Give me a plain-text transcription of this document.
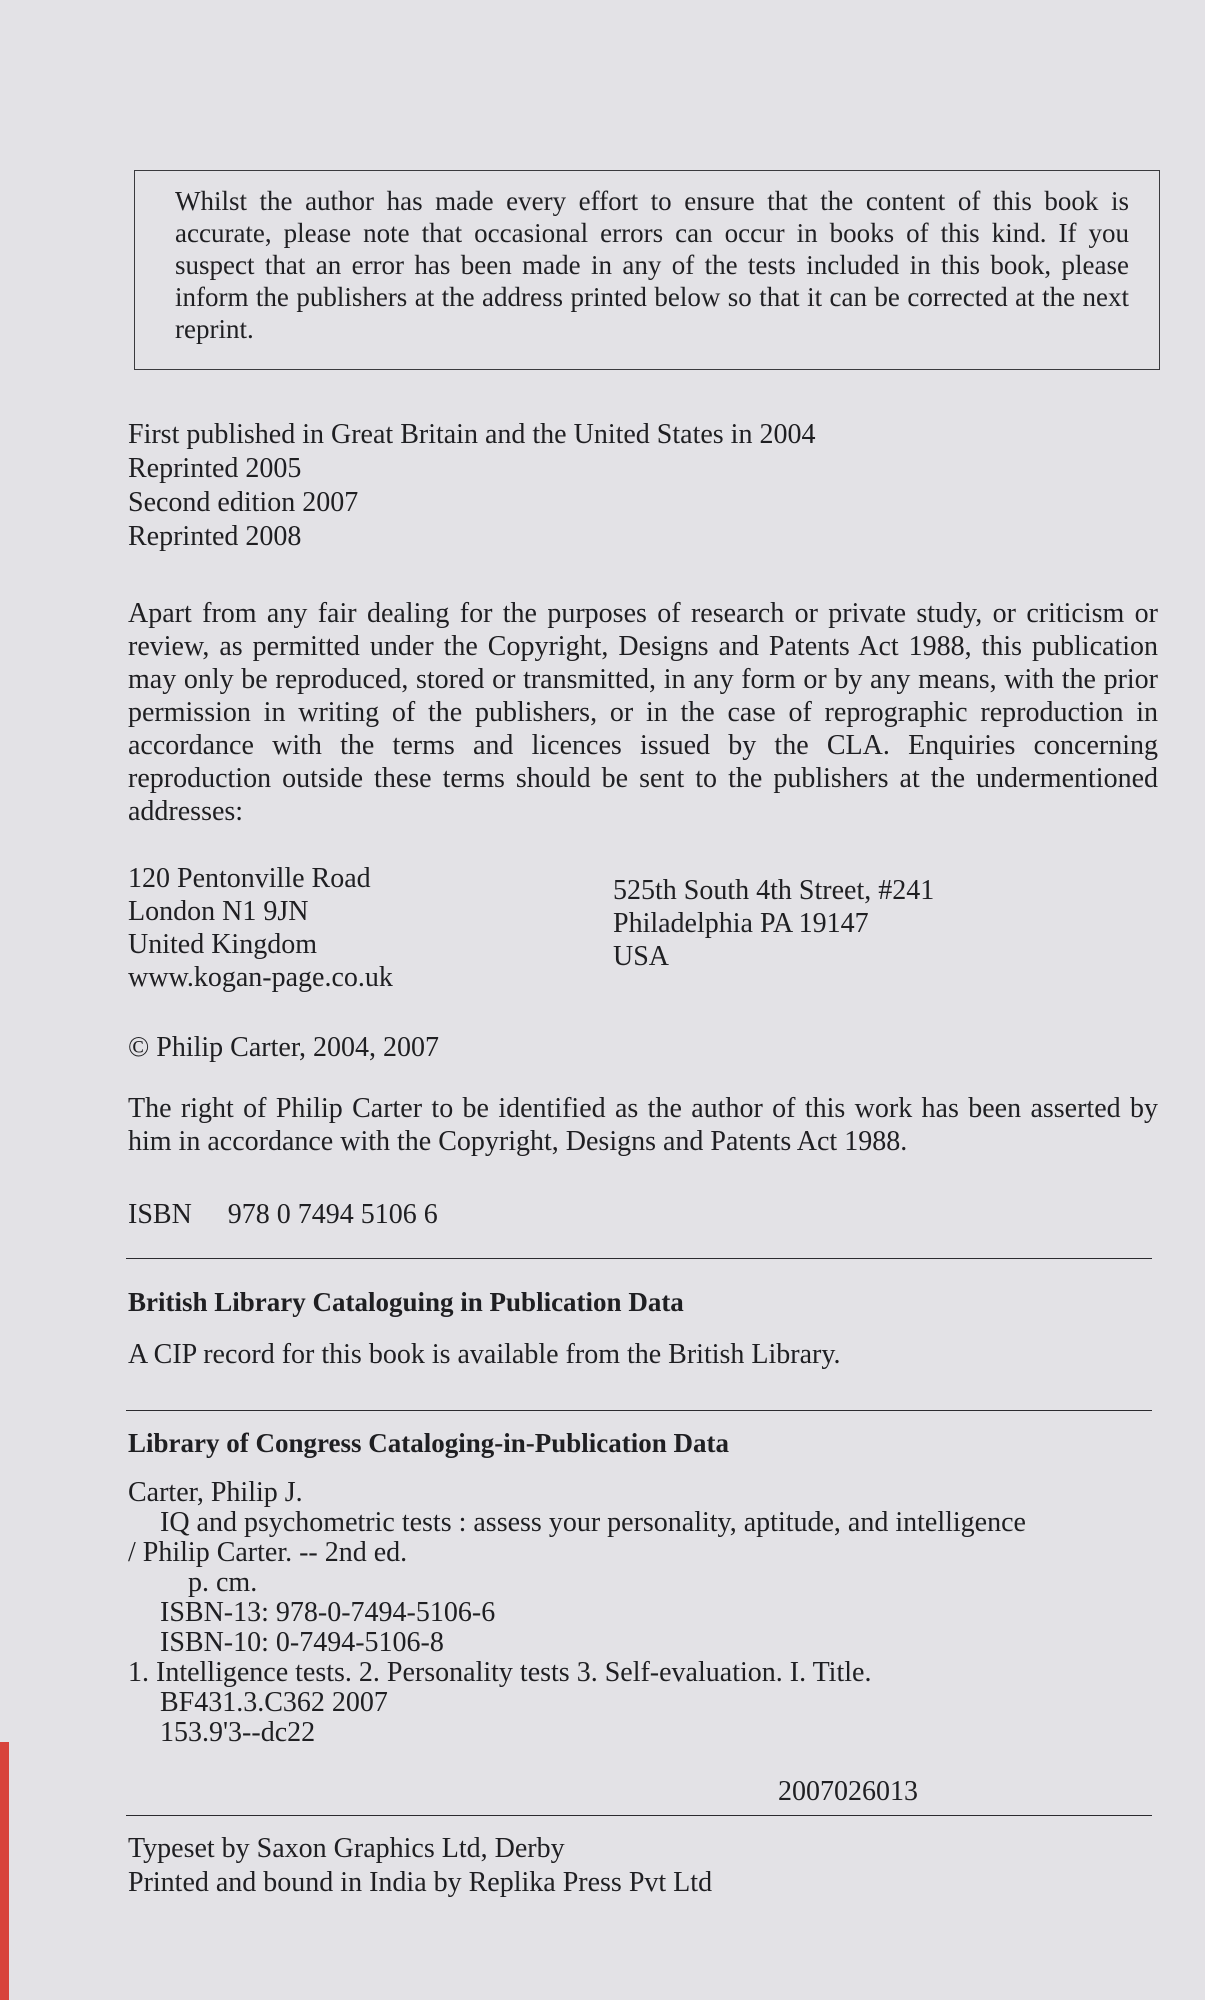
Whilst the author has made every effort to ensure that the content of this book is accurate, please note that occasional errors can occur in books of this kind. If you suspect that an error has been made in any of the tests included in this book, please inform the publishers at the address printed below so that it can be corrected at the next reprint.
First published in Great Britain and the United States in 2004
Reprinted 2005
Second edition 2007
Reprinted 2008
Apart from any fair dealing for the purposes of research or private study, or criticism or review, as permitted under the Copyright, Designs and Patents Act 1988, this publication may only be reproduced, stored or transmitted, in any form or by any means, with the prior permission in writing of the publishers, or in the case of reprographic reproduction in accordance with the terms and licences issued by the CLA. Enquiries concerning reproduction outside these terms should be sent to the publishers at the undermentioned addresses:
120 Pentonville Road
London N1 9JN
United Kingdom
www.kogan-page.co.uk
525th South 4th Street, #241
Philadelphia PA 19147
USA
© Philip Carter, 2004, 2007
The right of Philip Carter to be identified as the author of this work has been asserted by him in accordance with the Copyright, Designs and Patents Act 1988.
ISBN 978 0 7494 5106 6
British Library Cataloguing in Publication Data
A CIP record for this book is available from the British Library.
Library of Congress Cataloging-in-Publication Data
Carter, Philip J.
IQ and psychometric tests : assess your personality, aptitude, and intelligence
/ Philip Carter. -- 2nd ed.
p. cm.
ISBN-13: 978-0-7494-5106-6
ISBN-10: 0-7494-5106-8
1. Intelligence tests. 2. Personality tests 3. Self-evaluation. I. Title.
BF431.3.C362 2007
153.9'3--dc22
2007026013
Typeset by Saxon Graphics Ltd, Derby
Printed and bound in India by Replika Press Pvt Ltd
